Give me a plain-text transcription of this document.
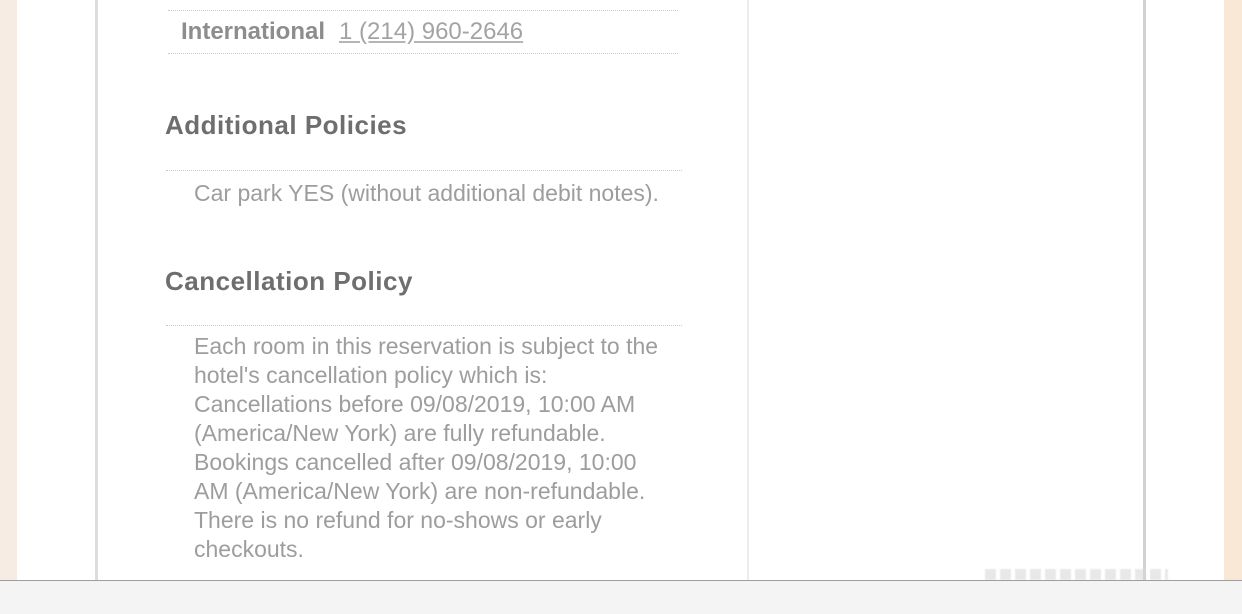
International 1 (214) 960-2646
Additional Policies

Car park YES (without additional debit notes).

Cancellation Policy

Each room in this reservation is subject to the hotel's cancellation policy which is: Cancellations before 09/08/2019, 10:00 AM (America/New York) are fully refundable. Bookings cancelled after 09/08/2019, 10:00 AM (America/New York) are non-refundable. There is no refund for no-shows or early checkouts.
